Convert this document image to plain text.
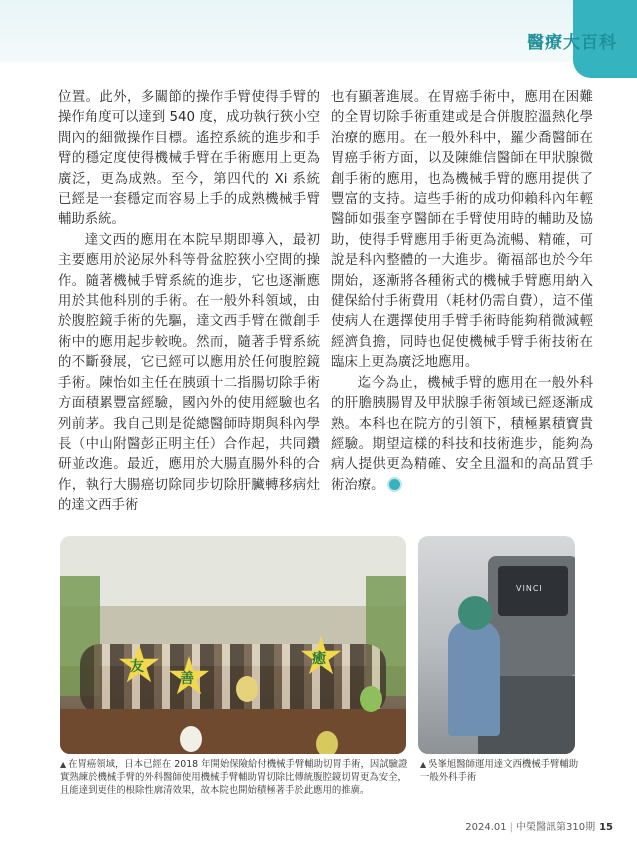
醫療大百科

位置。此外，多關節的操作手臂使得手臂的操作角度可以達到 540 度，成功執行狹小空間內的細微操作目標。遙控系統的進步和手臂的穩定度使得機械手臂在手術應用上更為廣泛，更為成熟。至今，第四代的 Xi 系統已經是一套穩定而容易上手的成熟機械手臂輔助系統。

達文西的應用在本院早期即導入，最初主要應用於泌尿外科等骨盆腔狹小空間的操作。隨著機械手臂系統的進步，它也逐漸應用於其他科別的手術。在一般外科領域，由於腹腔鏡手術的先驅，達文西手臂在微創手術中的應用起步較晚。然而，隨著手臂系統的不斷發展，它已經可以應用於任何腹腔鏡手術。陳怡如主任在胰頭十二指腸切除手術方面積累豐富經驗，國內外的使用經驗也名列前茅。我自己則是從總醫師時期與科內學長（中山附醫彭正明主任）合作起，共同鑽研並改進。最近，應用於大腸直腸外科的合作，執行大腸癌切除同步切除肝臟轉移病灶的達文西手術

也有顯著進展。在胃癌手術中，應用在困難的全胃切除手術重建或是合併腹腔溫熱化學治療的應用。在一般外科中，羅少喬醫師在胃癌手術方面，以及陳維信醫師在甲狀腺微創手術的應用，也為機械手臂的應用提供了豐富的支持。這些手術的成功仰賴科內年輕醫師如張奎亨醫師在手臂使用時的輔助及協助，使得手臂應用手術更為流暢、精確，可說是科內整體的一大進步。衛福部也於今年開始，逐漸將各種術式的機械手臂應用納入健保給付手術費用（耗材仍需自費），這不僅使病人在選擇使用手臂手術時能夠稍微減輕經濟負擔，同時也促使機械手臂手術技術在臨床上更為廣泛地應用。

迄今為止，機械手臂的應用在一般外科的肝膽胰腸胃及甲狀腺手術領域已經逐漸成熟。本科也在院方的引領下，積極累積寶貴經驗。期望這樣的科技和技術進步，能夠為病人提供更為精確、安全且溫和的高品質手術治療。

友
善
癒
VINCI
▲ 在胃癌領域，日本已經在 2018 年開始保險給付機械手臂輔助切胃手術，因試驗證實熟練於機械手臂的外科醫師使用機械手臂輔助胃切除比傳統腹腔鏡切胃更為安全，且能達到更佳的根除性廓清效果，故本院也開始積極著手於此應用的推廣。
▲ 吳峯旭醫師運用達文西機械手臂輔助一般外科手術
2024.01 | 中榮醫訊第310期 15
